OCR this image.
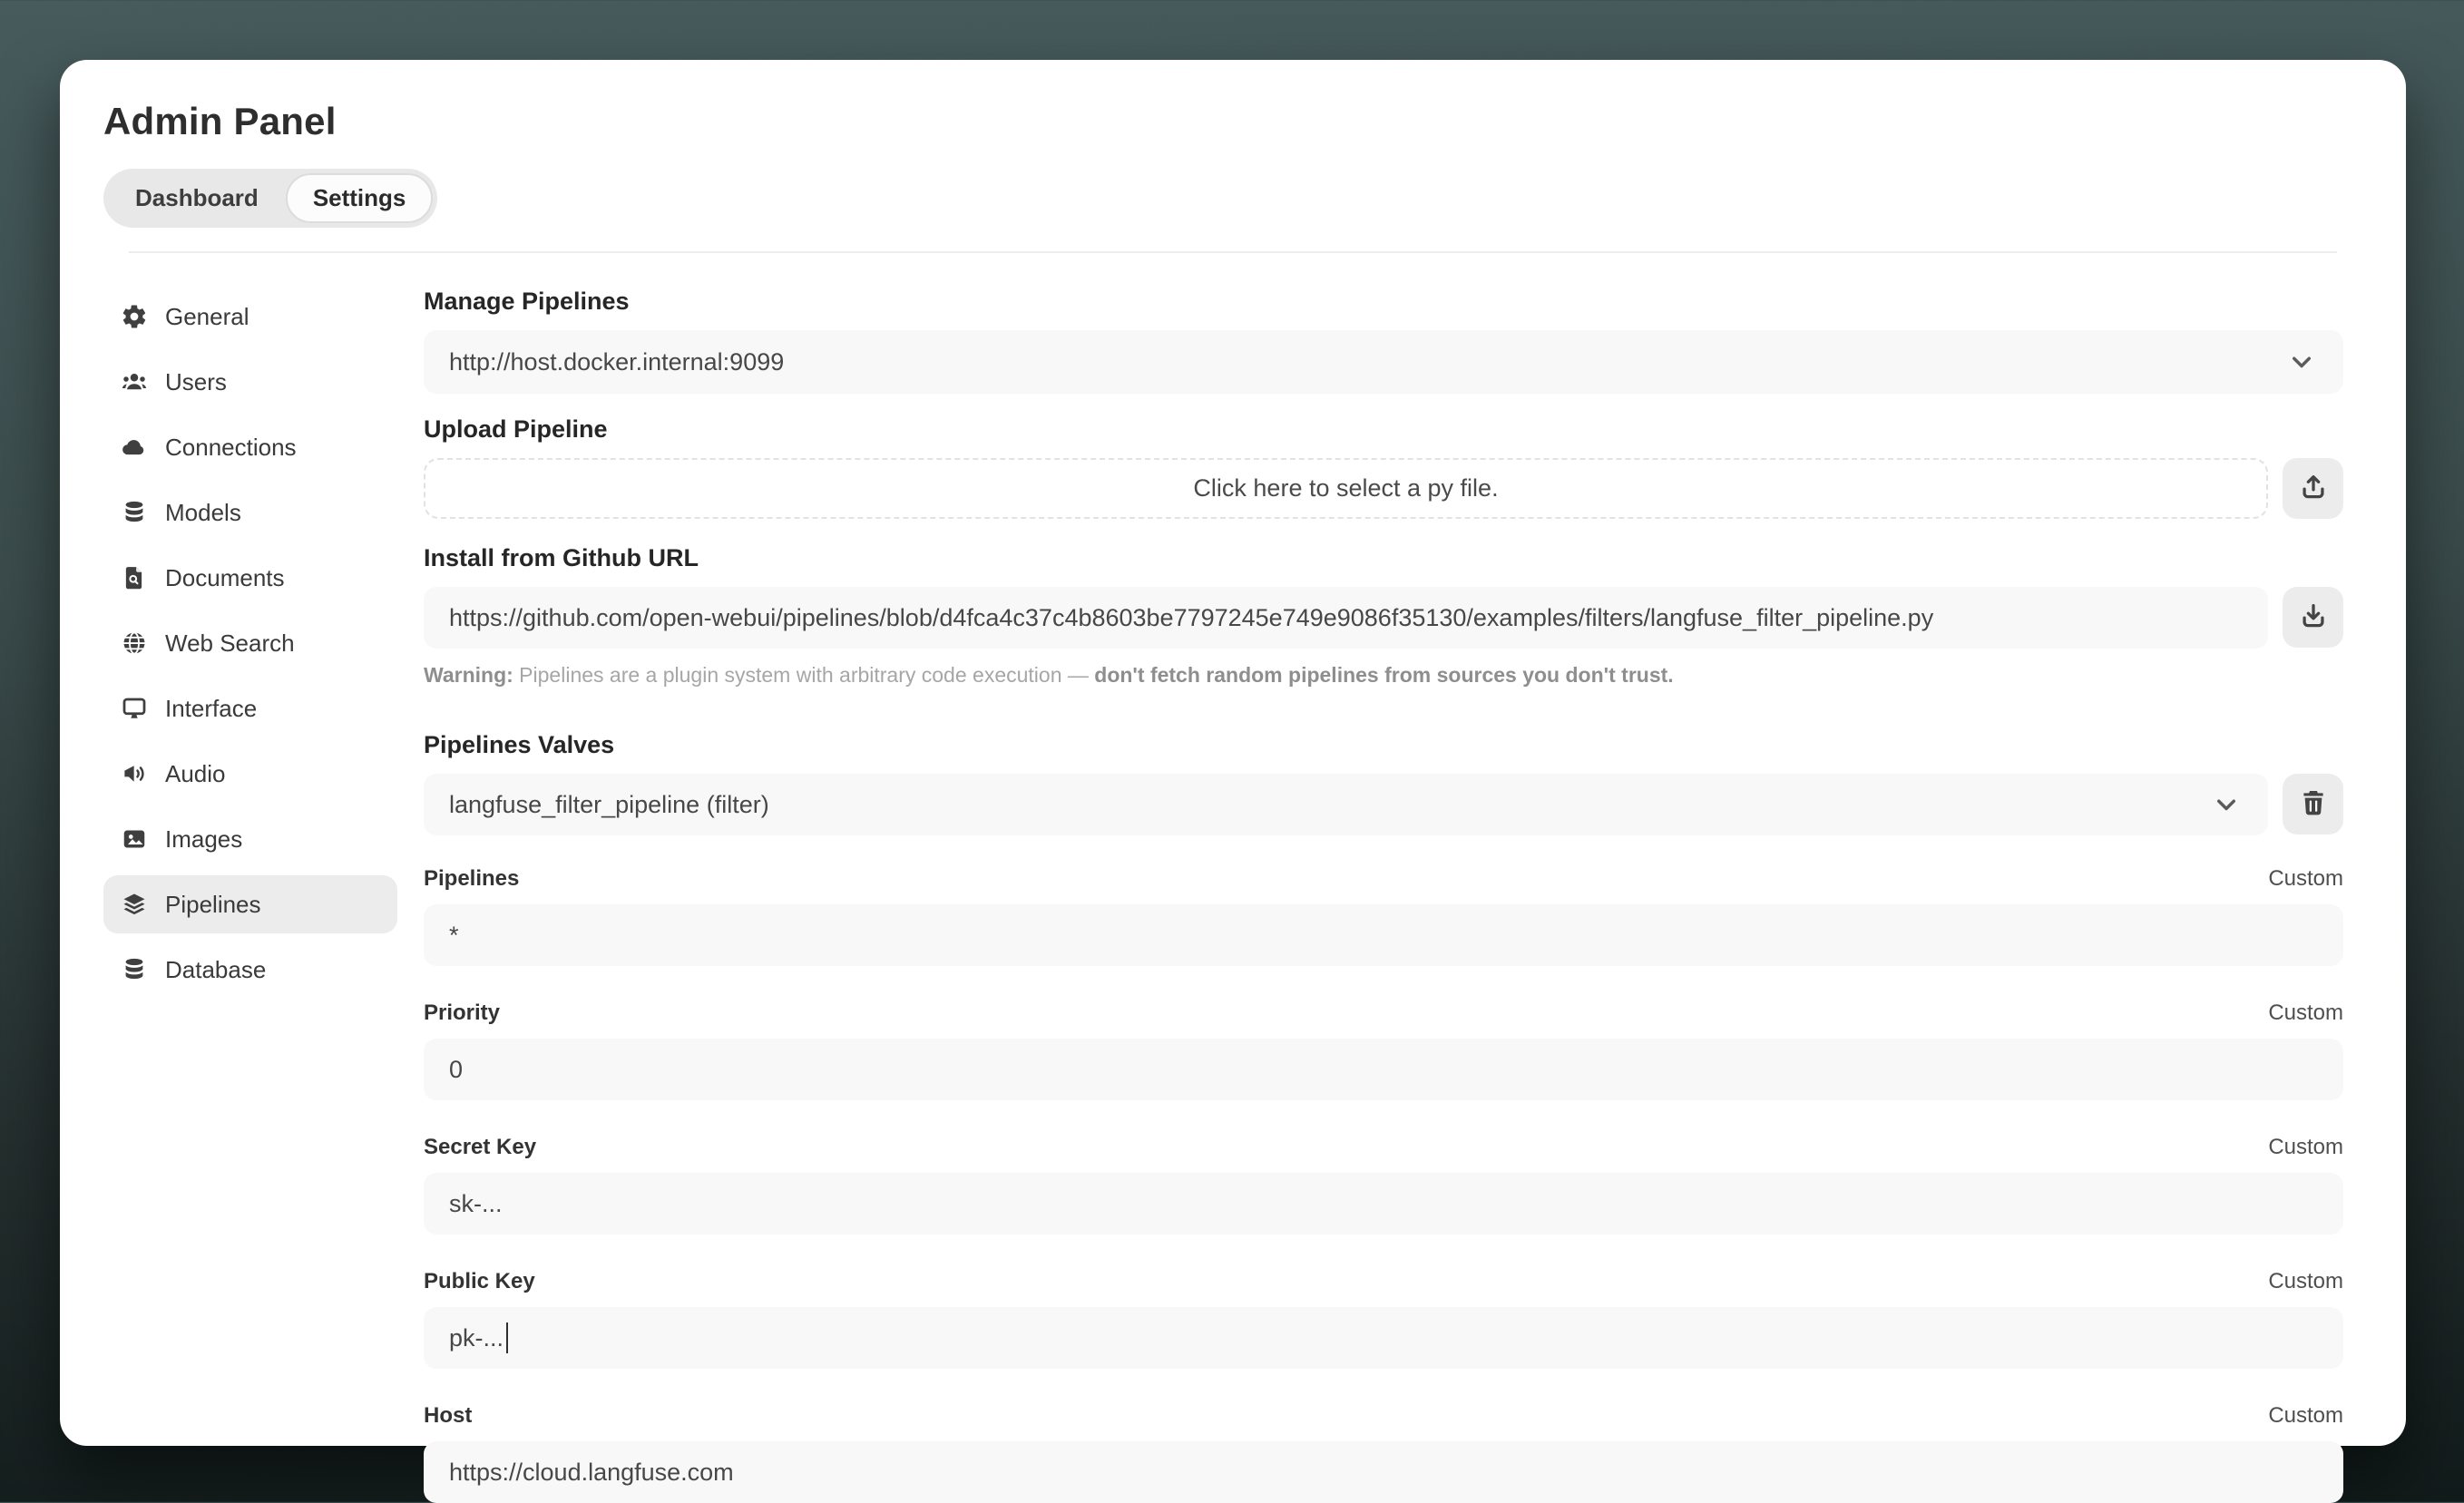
Admin Panel
Dashboard	Settings
General
Users
Connections
Models
Documents
Web Search
Interface
Audio
Images
Pipelines
Database
Manage Pipelines
http://host.docker.internal:9099
Upload Pipeline
Click here to select a py file.
Install from Github URL
https://github.com/open-webui/pipelines/blob/d4fca4c37c4b8603be7797245e749e9086f35130/examples/filters/langfuse_filter_pipeline.py
Warning: Pipelines are a plugin system with arbitrary code execution — don't fetch random pipelines from sources you don't trust.
Pipelines Valves
langfuse_filter_pipeline (filter)
Pipelines	Custom
*
Priority	Custom
0
Secret Key	Custom
sk-...
Public Key	Custom
pk-...
Host	Custom
https://cloud.langfuse.com
